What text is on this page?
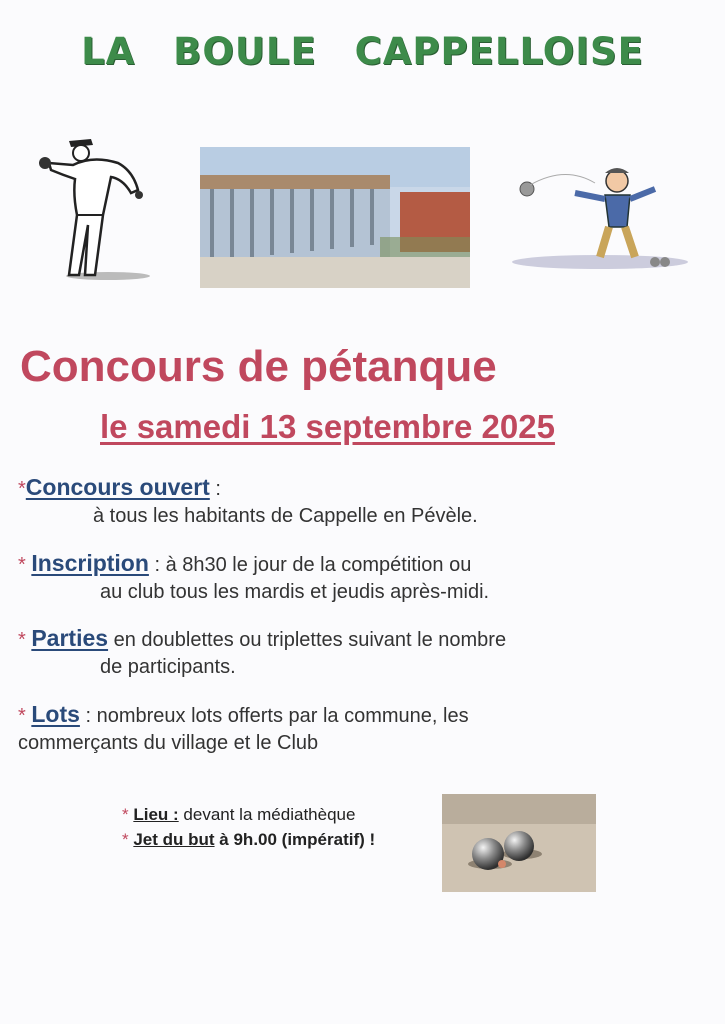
LA BOULE CAPPELLOISE
Concours de pétanque
le samedi 13 septembre 2025
*Concours ouvert :
à tous les habitants de Cappelle en Pévèle.
* Inscription : à 8h30 le jour de la compétition ou
au club tous les mardis et jeudis après-midi.
* Parties en doublettes ou triplettes suivant le nombre
de participants.
* Lots : nombreux lots offerts par la commune, les
commerçants du village et le Club
* Lieu : devant la médiathèque
* Jet du but à 9h.00 (impératif) !
